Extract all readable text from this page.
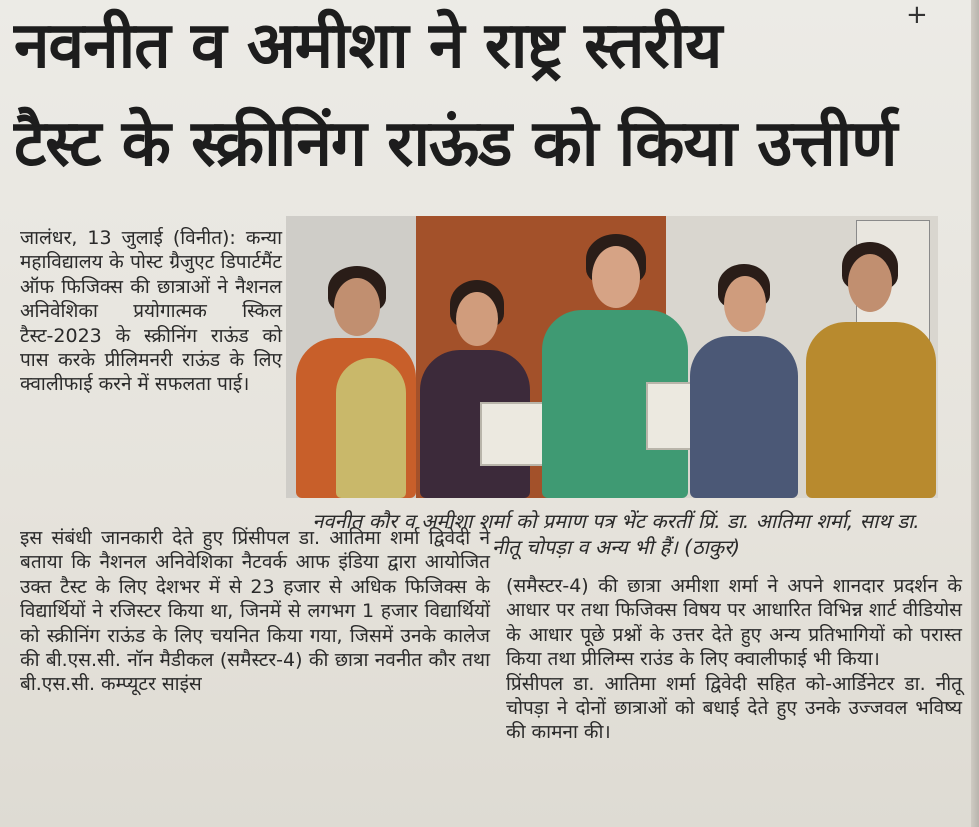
+
नवनीत व अमीशा ने राष्ट्र स्तरीय
टैस्ट के स्क्रीनिंग राऊंड को किया उत्तीर्ण
जालंधर, 13 जुलाई (विनीत): कन्या महाविद्यालय के पोस्ट ग्रैजुएट डिपार्टमैंट ऑफ फिजिक्स की छात्राओं ने नैशनल अनिवेशिका प्रयोगात्मक स्किल टैस्ट-2023 के स्क्रीनिंग राऊंड को पास करके प्रीलिमनरी राऊंड के लिए क्वालीफाई करने में सफलता पाई।
नवनीत कौर व अमीशा शर्मा को प्रमाण पत्र भेंट करतीं प्रिं. डा. आतिमा शर्मा, साथ डा. नीतू चोपड़ा व अन्य भी हैं। (ठाकुर)
इस संबंधी जानकारी देते हुए प्रिंसीपल डा. आतिमा शर्मा द्विवेदी ने बताया कि नैशनल अनिवेशिका नैटवर्क आफ इंडिया द्वारा आयोजित उक्त टैस्ट के लिए देशभर में से 23 हजार से अधिक फिजिक्स के विद्यार्थियों ने रजिस्टर किया था, जिनमें से लगभग 1 हजार विद्यार्थियों को स्क्रीनिंग राऊंड के लिए चयनित किया गया, जिसमें उनके कालेज की बी.एस.सी. नॉन मैडीकल (समैस्टर-4) की छात्रा नवनीत कौर तथा बी.एस.सी. कम्प्यूटर साइंस
(समैस्टर-4) की छात्रा अमीशा शर्मा ने अपने शानदार प्रदर्शन के आधार पर तथा फिजिक्स विषय पर आधारित विभिन्न शार्ट वीडियोस के आधार पूछे प्रश्नों के उत्तर देते हुए अन्य प्रतिभागियों को परास्त किया तथा प्रीलिम्स राउंड के लिए क्वालीफाई भी किया।
प्रिंसीपल डा. आतिमा शर्मा द्विवेदी सहित को-आर्डिनेटर डा. नीतू चोपड़ा ने दोनों छात्राओं को बधाई देते हुए उनके उज्जवल भविष्य की कामना की।
